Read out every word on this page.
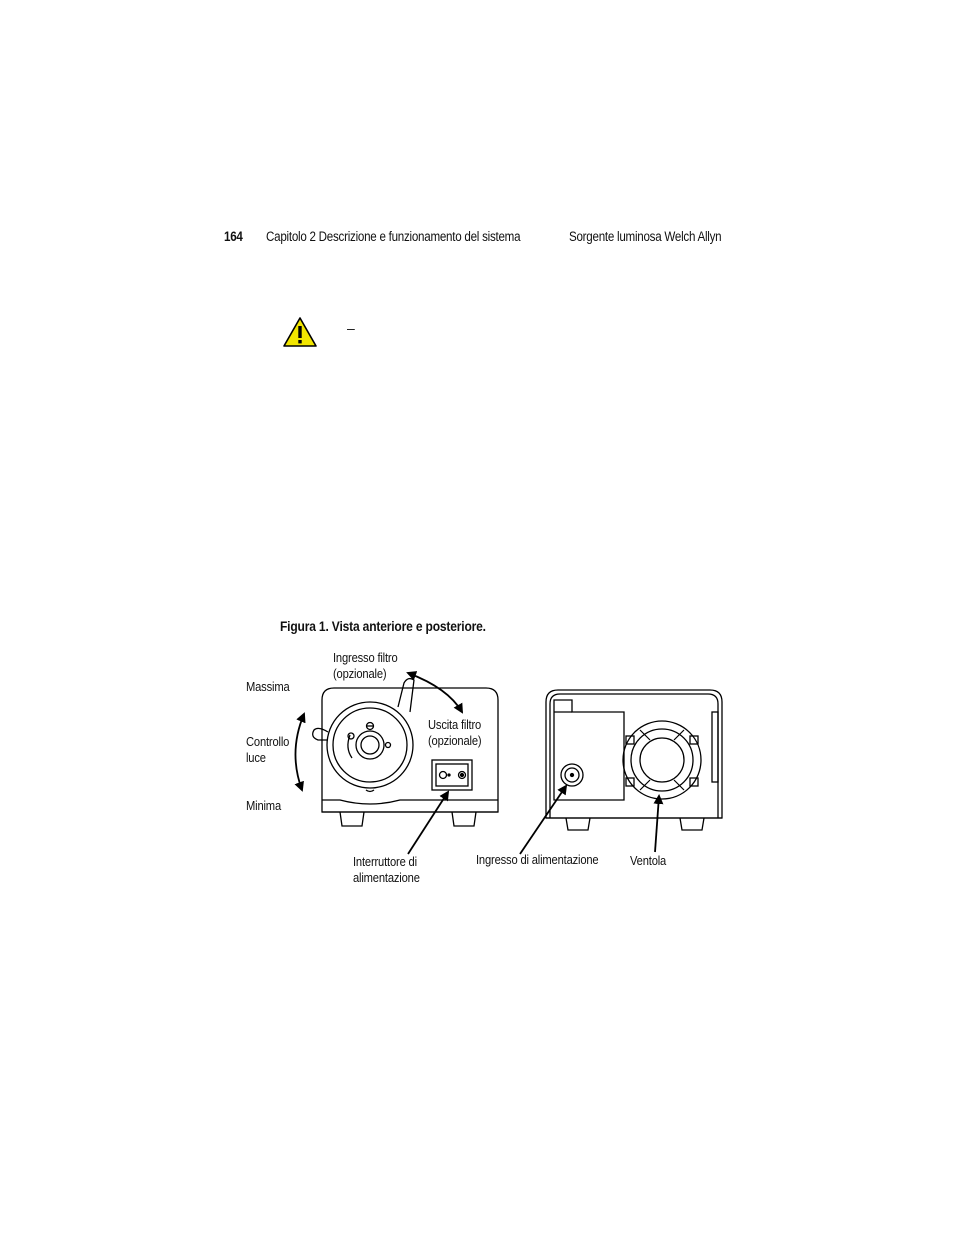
164 Capitolo 2 Descrizione e funzionamento del sistema	Sorgente luminosa Welch Allyn
–
Figura 1. Vista anteriore e posteriore.
Massima
Ingresso filtro
(opzionale)
Uscita filtro
(opzionale)
Controllo
luce
Minima
Interruttore di
alimentazione
Ingresso di alimentazione Ventola
